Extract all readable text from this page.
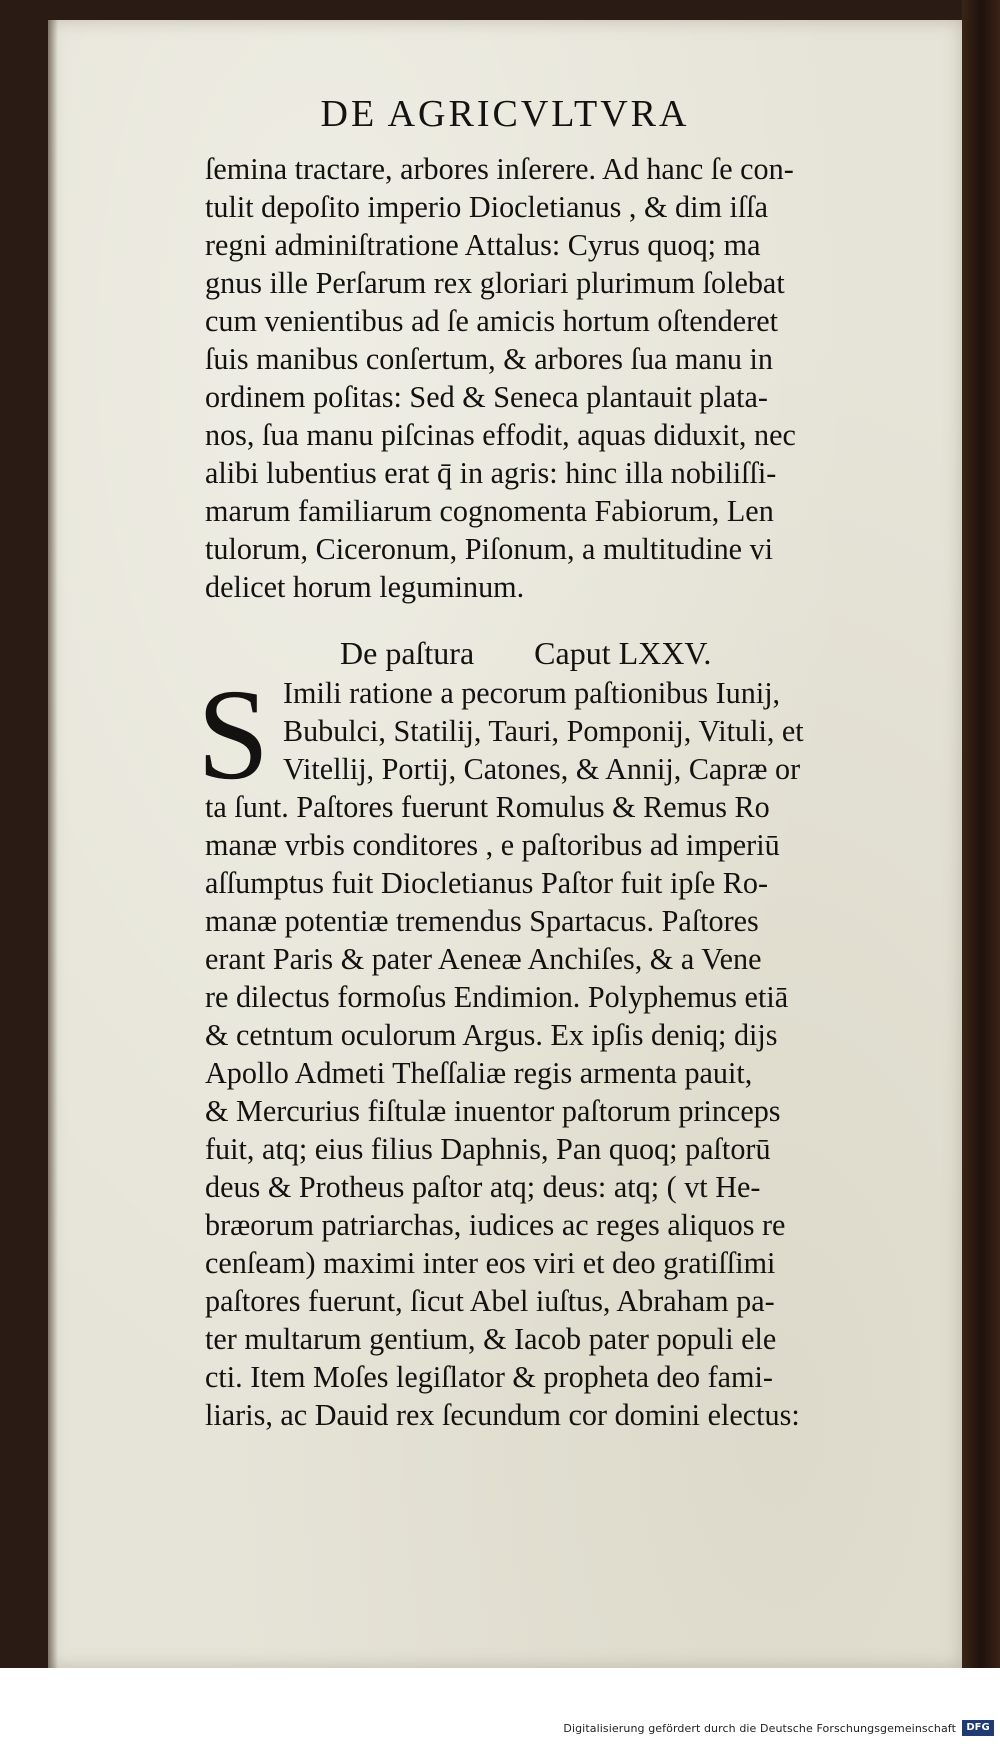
DE AGRICVLTVRA
ſemina tractare, arbores inſerere. Ad hanc ſe con-
tulit depoſito imperio Diocletianus , & dim iſſa
regni adminiſtratione Attalus: Cyrus quoq; ma
gnus ille Perſarum rex gloriari plurimum ſolebat
cum venientibus ad ſe amicis hortum oſtenderet
ſuis manibus conſertum, & arbores ſua manu in
ordinem poſitas: Sed & Seneca plantauit plata-
nos, ſua manu piſcinas effodit, aquas diduxit, nec
alibi lubentius erat q̄ in agris: hinc illa nobiliſſi-
marum familiarum cognomenta Fabiorum, Len
tulorum, Ciceronum, Piſonum, a multitudine vi
delicet horum leguminum.
De paſtura Caput LXXV.
S Imili ratione a pecorum paſtionibus Iunij,
Bubulci, Statilij, Tauri, Pomponij, Vituli, et
Vitellij, Portij, Catones, & Annij, Capræ or
ta ſunt. Paſtores fuerunt Romulus & Remus Ro
manæ vrbis conditores , e paſtoribus ad imperiū
aſſumptus fuit Diocletianus Paſtor fuit ipſe Ro-
manæ potentiæ tremendus Spartacus. Paſtores
erant Paris & pater Aeneæ Anchiſes, & a Vene
re dilectus formoſus Endimion. Polyphemus etiā
& cetntum oculorum Argus. Ex ipſis deniq; dijs
Apollo Admeti Theſſaliæ regis armenta pauit,
& Mercurius fiſtulæ inuentor paſtorum princeps
fuit, atq; eius filius Daphnis, Pan quoq; paſtorū
deus & Protheus paſtor atq; deus: atq; ( vt He-
bræorum patriarchas, iudices ac reges aliquos re
cenſeam) maximi inter eos viri et deo gratiſſimi
paſtores fuerunt, ſicut Abel iuſtus, Abraham pa-
ter multarum gentium, & Iacob pater populi ele
cti. Item Moſes legiſlator & propheta deo fami-
liaris, ac Dauid rex ſecundum cor domini electus:
Digitalisierung gefördert durch die Deutsche Forschungsgemeinschaft	DFG
